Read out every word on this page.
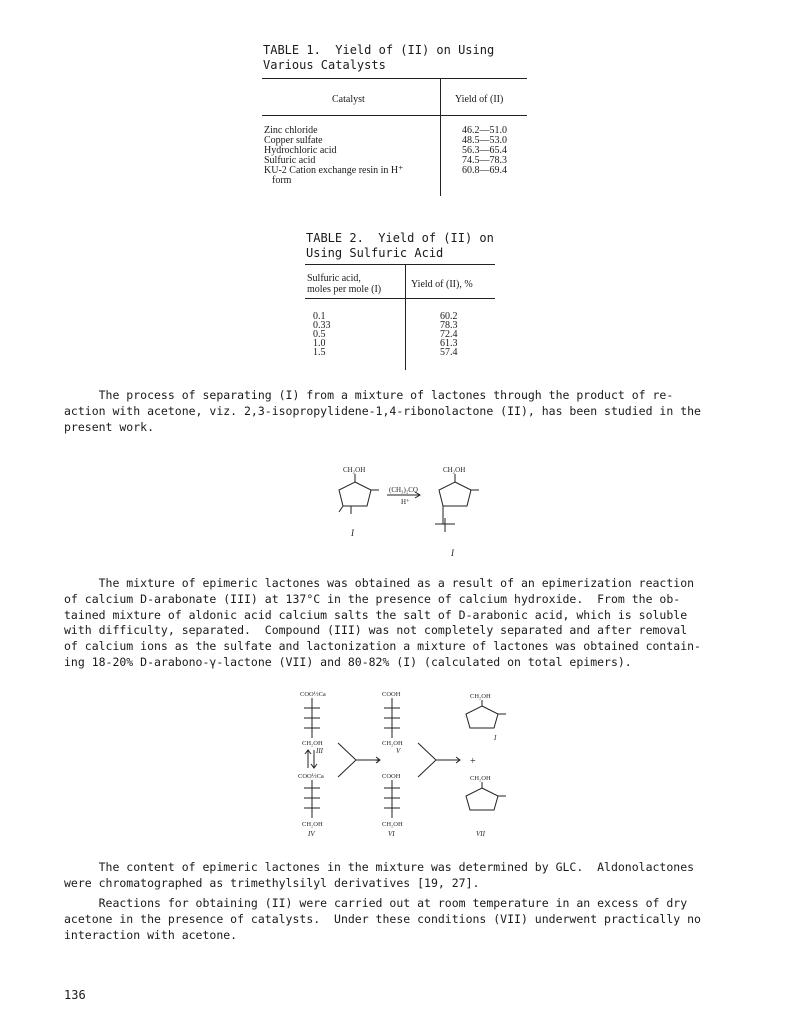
TABLE 1.  Yield of (II) on Using
Various Catalysts
Catalyst	Yield of (II)
Zinc chloride	46.2—51.0
Copper sulfate	48.5—53.0
Hydrochloric acid	56.3—65.4
Sulfuric acid	74.5—78.3
KU-2 Cation exchange resin in H⁺	60.8—69.4
form
TABLE 2.  Yield of (II) on
Using Sulfuric Acid
Sulfuric acid,
moles per mole (I)	Yield of (II), %
0.1	60.2
0.33	78.3
0.5	72.4
1.0	61.3
1.5	57.4
The process of separating (I) from a mixture of lactones through the product of re-
action with acetone, viz. 2,3-isopropylidene-1,4-ribonolactone (II), has been studied in the
present work.
CH₂OH	CH₂OH
(CH₃)₂CO
H⁺
I
I
The mixture of epimeric lactones was obtained as a result of an epimerization reaction
of calcium D-arabonate (III) at 137°C in the presence of calcium hydroxide.  From the ob-
tained mixture of aldonic acid calcium salts the salt of D-arabonic acid, which is soluble
with difficulty, separated.  Compound (III) was not completely separated and after removal
of calcium ions as the sulfate and lactonization a mixture of lactones was obtained contain-
ing 18-20% D-arabono-γ-lactone (VII) and 80-82% (I) (calculated on total epimers).
COO½Ca
CH₂OH
COOH
CH₂OH
CH₂OH
COO½Ca
CH₂OH
COOH
CH₂OH
CH₂OH
+	+
III	V
I
IV	VI	VII
The content of epimeric lactones in the mixture was determined by GLC.  Aldonolactones
were chromatographed as trimethylsilyl derivatives [19, 27].
Reactions for obtaining (II) were carried out at room temperature in an excess of dry
acetone in the presence of catalysts.  Under these conditions (VII) underwent practically no
interaction with acetone.
136
